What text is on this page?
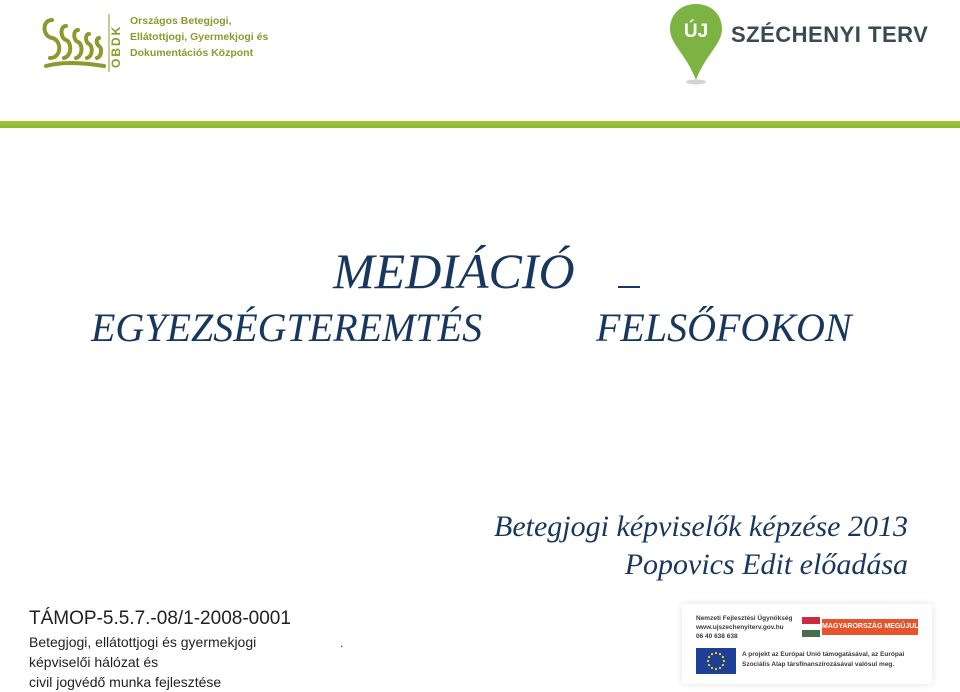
OBDK
Országos Betegjogi,
Ellátottjogi, Gyermekjogi és
Dokumentációs Központ
ÚJ SZÉCHENYI TERV
MEDIÁCIÓ
EGYEZSÉGTEREMTÉS	FELSŐFOKON
Betegjogi képviselők képzése 2013
Popovics Edit előadása
TÁMOP-5.5.7.-08/1-2008-0001
Betegjogi, ellátottjogi és gyermekjogi
képviselői hálózat és
civil jogvédő munka fejlesztése
.
Nemzeti Fejlesztési Ügynökség
www.ujszechenyiterv.gov.hu
06 40 638 638
MAGYARORSZÁG MEGÚJUL
A projekt az Európai Unió támogatásával, az Európai
Szociális Alap társfinanszírozásával valósul meg.
